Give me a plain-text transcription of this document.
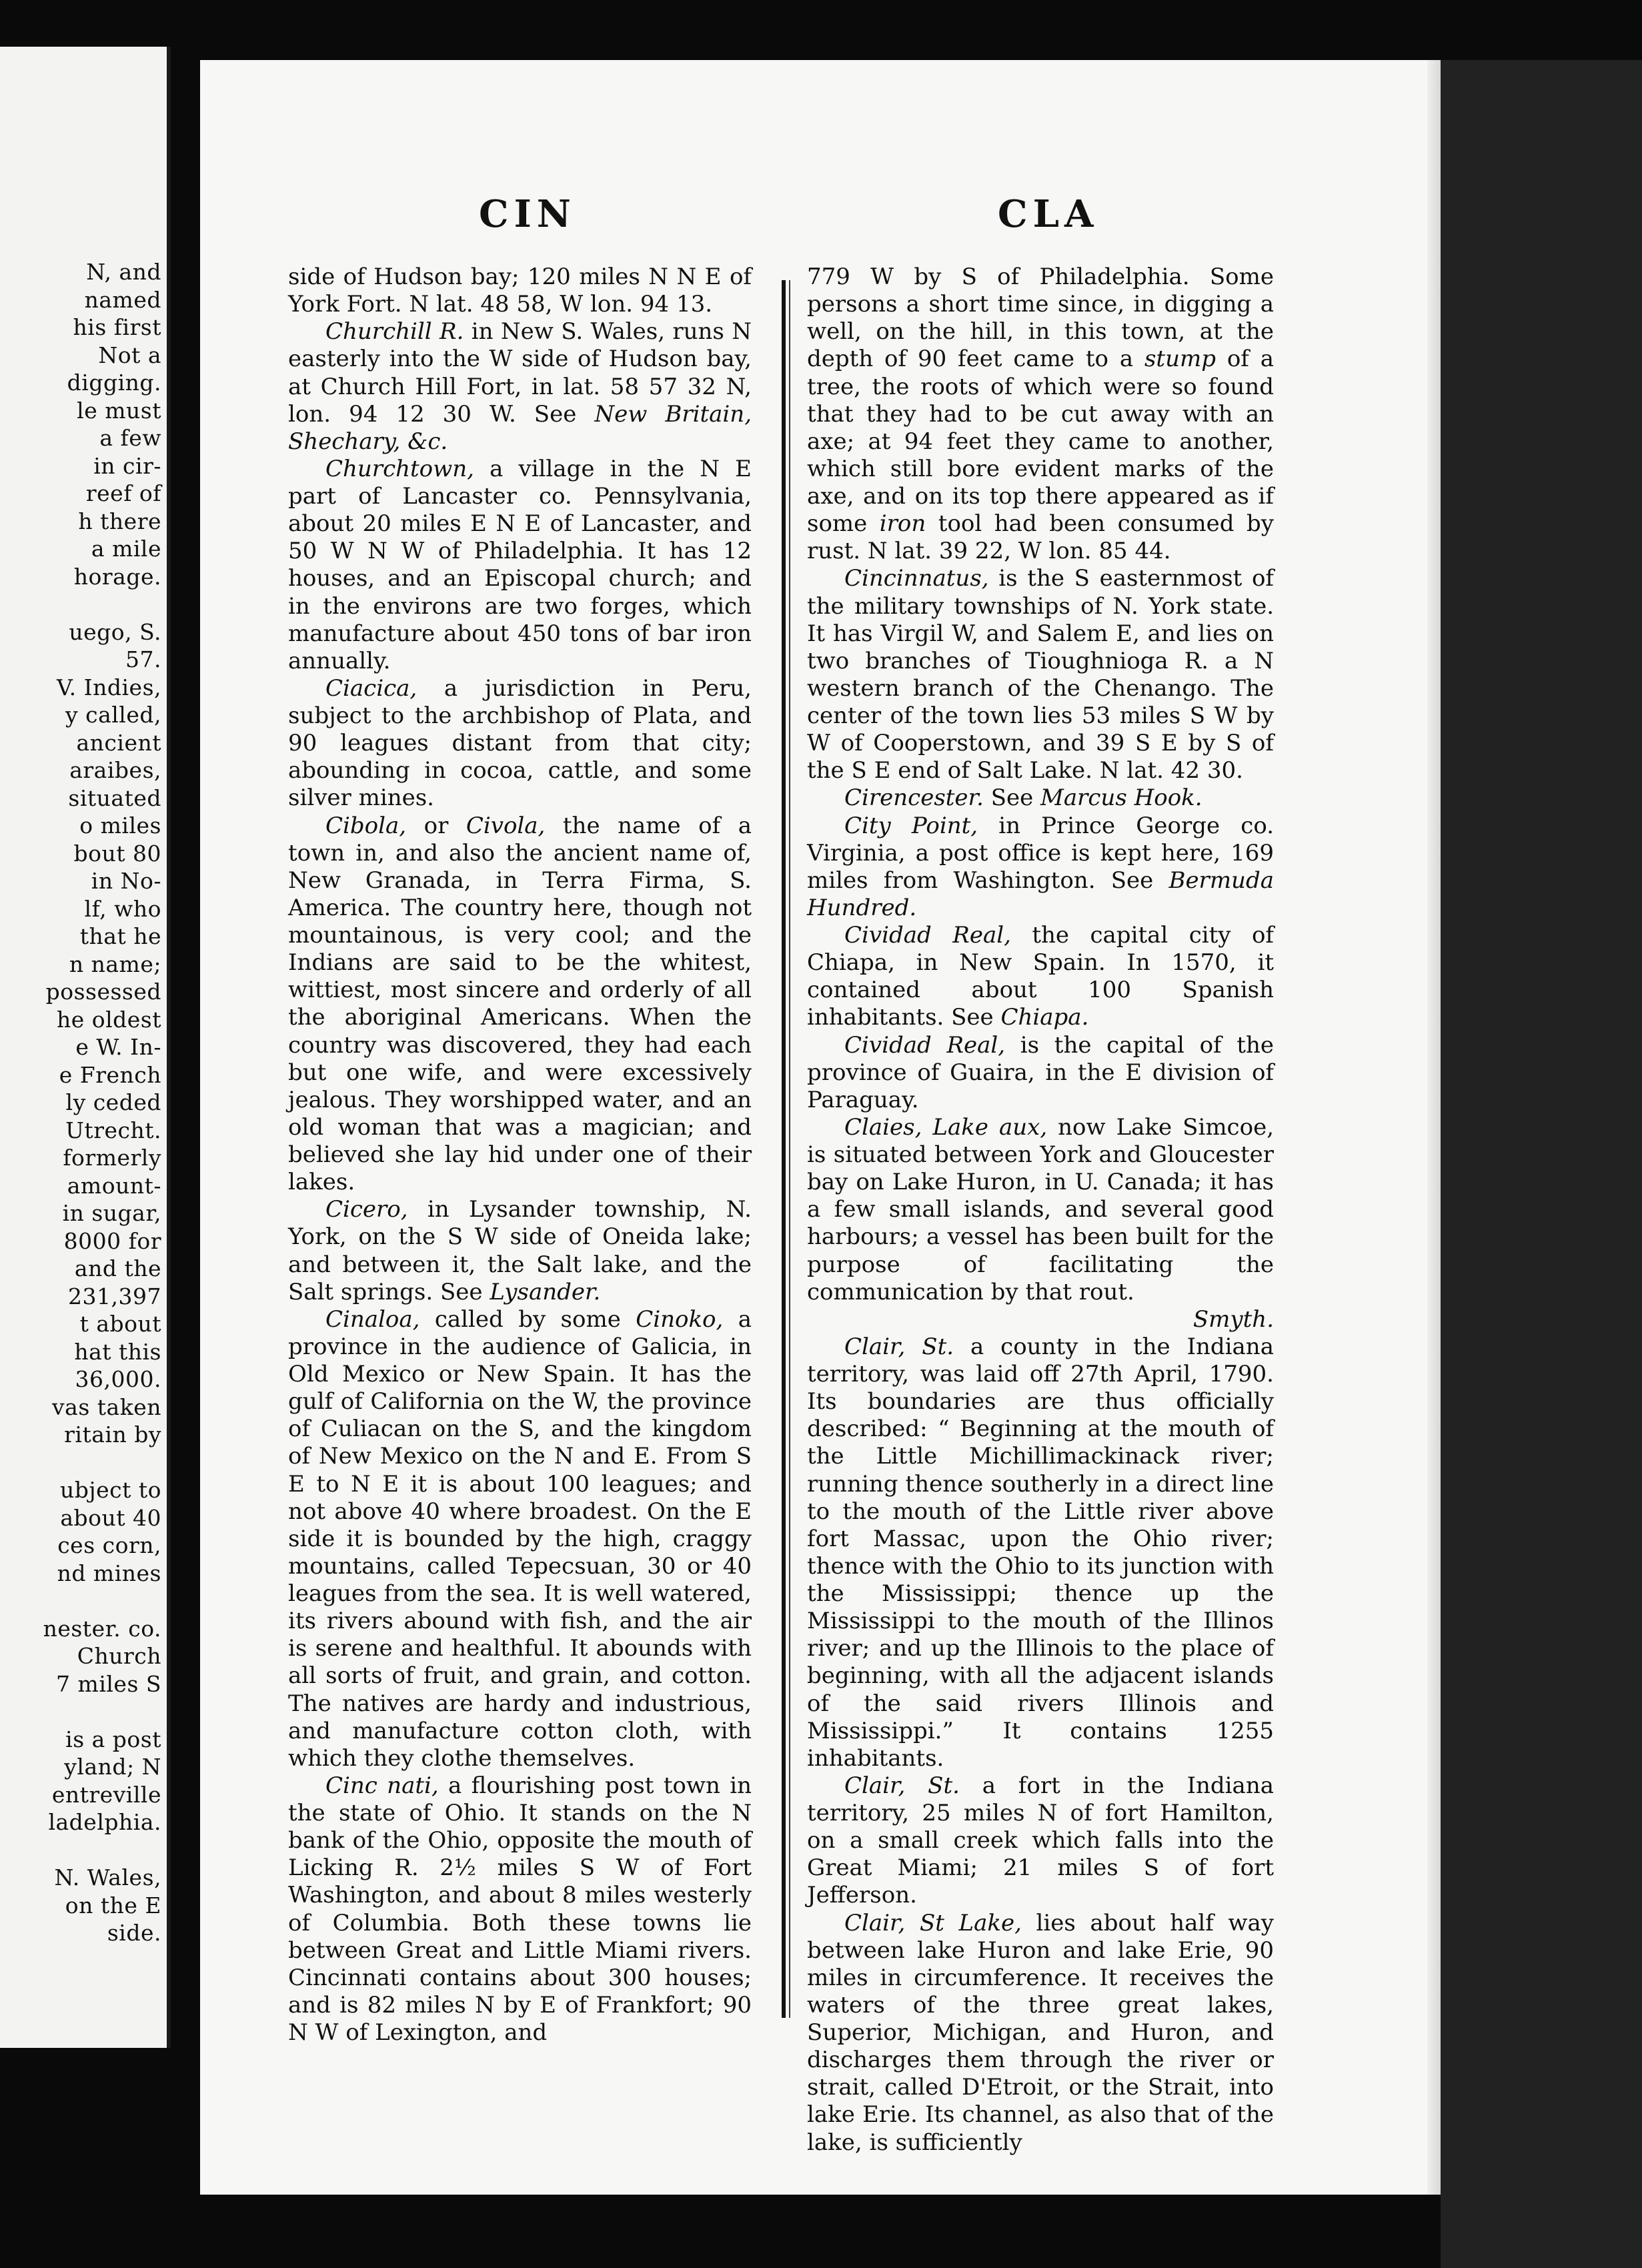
N, and
named
his first
Not a
digging.
le must
a few
in cir-
reef of
h there
a mile
horage.
uego, S.
57.
V. Indies,
y called,
ancient
araibes,
situated
o miles
bout 80
in No-
lf, who
that he
n name;
possessed
he oldest
e W. In-
e French
ly ceded
Utrecht.
formerly
amount-
in sugar,
8000 for
and the
231,397
t about
hat this
36,000.
vas taken
ritain by
ubject to
about 40
ces corn,
nd mines
nester. co.
Church
7 miles S
is a post
yland; N
entreville
ladelphia.
N. Wales,
on the E
side.
CIN	CLA

side of Hudson bay; 120 miles N N E of York Fort. N lat. 48 58, W lon. 94 13.

Churchill R. in New S. Wales, runs N easterly into the W side of Hudson bay, at Church Hill Fort, in lat. 58 57 32 N, lon. 94 12 30 W. See New Britain, Shechary, &c.

Churchtown, a village in the N E part of Lancaster co. Pennsylvania, about 20 miles E N E of Lancaster, and 50 W N W of Philadelphia. It has 12 houses, and an Episcopal church; and in the environs are two forges, which manufacture about 450 tons of bar iron annually.

Ciacica, a jurisdiction in Peru, subject to the archbishop of Plata, and 90 leagues distant from that city; abounding in cocoa, cattle, and some silver mines.

Cibola, or Civola, the name of a town in, and also the ancient name of, New Granada, in Terra Firma, S. America. The country here, though not mountainous, is very cool; and the Indians are said to be the whitest, wittiest, most sincere and orderly of all the aboriginal Americans. When the country was discovered, they had each but one wife, and were excessively jealous. They worshipped water, and an old woman that was a magician; and believed she lay hid under one of their lakes.

Cicero, in Lysander township, N. York, on the S W side of Oneida lake; and between it, the Salt lake, and the Salt springs. See Lysander.

Cinaloa, called by some Cinoko, a province in the audience of Galicia, in Old Mexico or New Spain. It has the gulf of California on the W, the province of Culiacan on the S, and the kingdom of New Mexico on the N and E. From S E to N E it is about 100 leagues; and not above 40 where broadest. On the E side it is bounded by the high, craggy mountains, called Tepecsuan, 30 or 40 leagues from the sea. It is well watered, its rivers abound with fish, and the air is serene and healthful. It abounds with all sorts of fruit, and grain, and cotton. The natives are hardy and industrious, and manufacture cotton cloth, with which they clothe themselves.

Cinc nati, a flourishing post town in the state of Ohio. It stands on the N bank of the Ohio, opposite the mouth of Licking R. 2½ miles S W of Fort Washington, and about 8 miles westerly of Columbia. Both these towns lie between Great and Little Miami rivers. Cincinnati contains about 300 houses; and is 82 miles N by E of Frankfort; 90 N W of Lexington, and

779 W by S of Philadelphia. Some persons a short time since, in digging a well, on the hill, in this town, at the depth of 90 feet came to a stump of a tree, the roots of which were so found that they had to be cut away with an axe; at 94 feet they came to another, which still bore evident marks of the axe, and on its top there appeared as if some iron tool had been consumed by rust. N lat. 39 22, W lon. 85 44.

Cincinnatus, is the S easternmost of the military townships of N. York state. It has Virgil W, and Salem E, and lies on two branches of Tioughnioga R. a N western branch of the Chenango. The center of the town lies 53 miles S W by W of Cooperstown, and 39 S E by S of the S E end of Salt Lake. N lat. 42 30.

Cirencester. See Marcus Hook.

City Point, in Prince George co. Virginia, a post office is kept here, 169 miles from Washington. See Bermuda Hundred.

Cividad Real, the capital city of Chiapa, in New Spain. In 1570, it contained about 100 Spanish inhabitants. See Chiapa.

Cividad Real, is the capital of the province of Guaira, in the E division of Paraguay.

Claies, Lake aux, now Lake Simcoe, is situated between York and Gloucester bay on Lake Huron, in U. Canada; it has a few small islands, and several good harbours; a vessel has been built for the purpose of facilitating the communication by that rout.

Smyth.

Clair, St. a county in the Indiana territory, was laid off 27th April, 1790. Its boundaries are thus officially described: “ Beginning at the mouth of the Little Michillimackinack river; running thence southerly in a direct line to the mouth of the Little river above fort Massac, upon the Ohio river; thence with the Ohio to its junction with the Mississippi; thence up the Mississippi to the mouth of the Illinos river; and up the Illinois to the place of beginning, with all the adjacent islands of the said rivers Illinois and Mississippi.” It contains 1255 inhabitants.

Clair, St. a fort in the Indiana territory, 25 miles N of fort Hamilton, on a small creek which falls into the Great Miami; 21 miles S of fort Jefferson.

Clair, St Lake, lies about half way between lake Huron and lake Erie, 90 miles in circumference. It receives the waters of the three great lakes, Superior, Michigan, and Huron, and discharges them through the river or strait, called D'Etroit, or the Strait, into lake Erie. Its channel, as also that of the lake, is sufficiently
